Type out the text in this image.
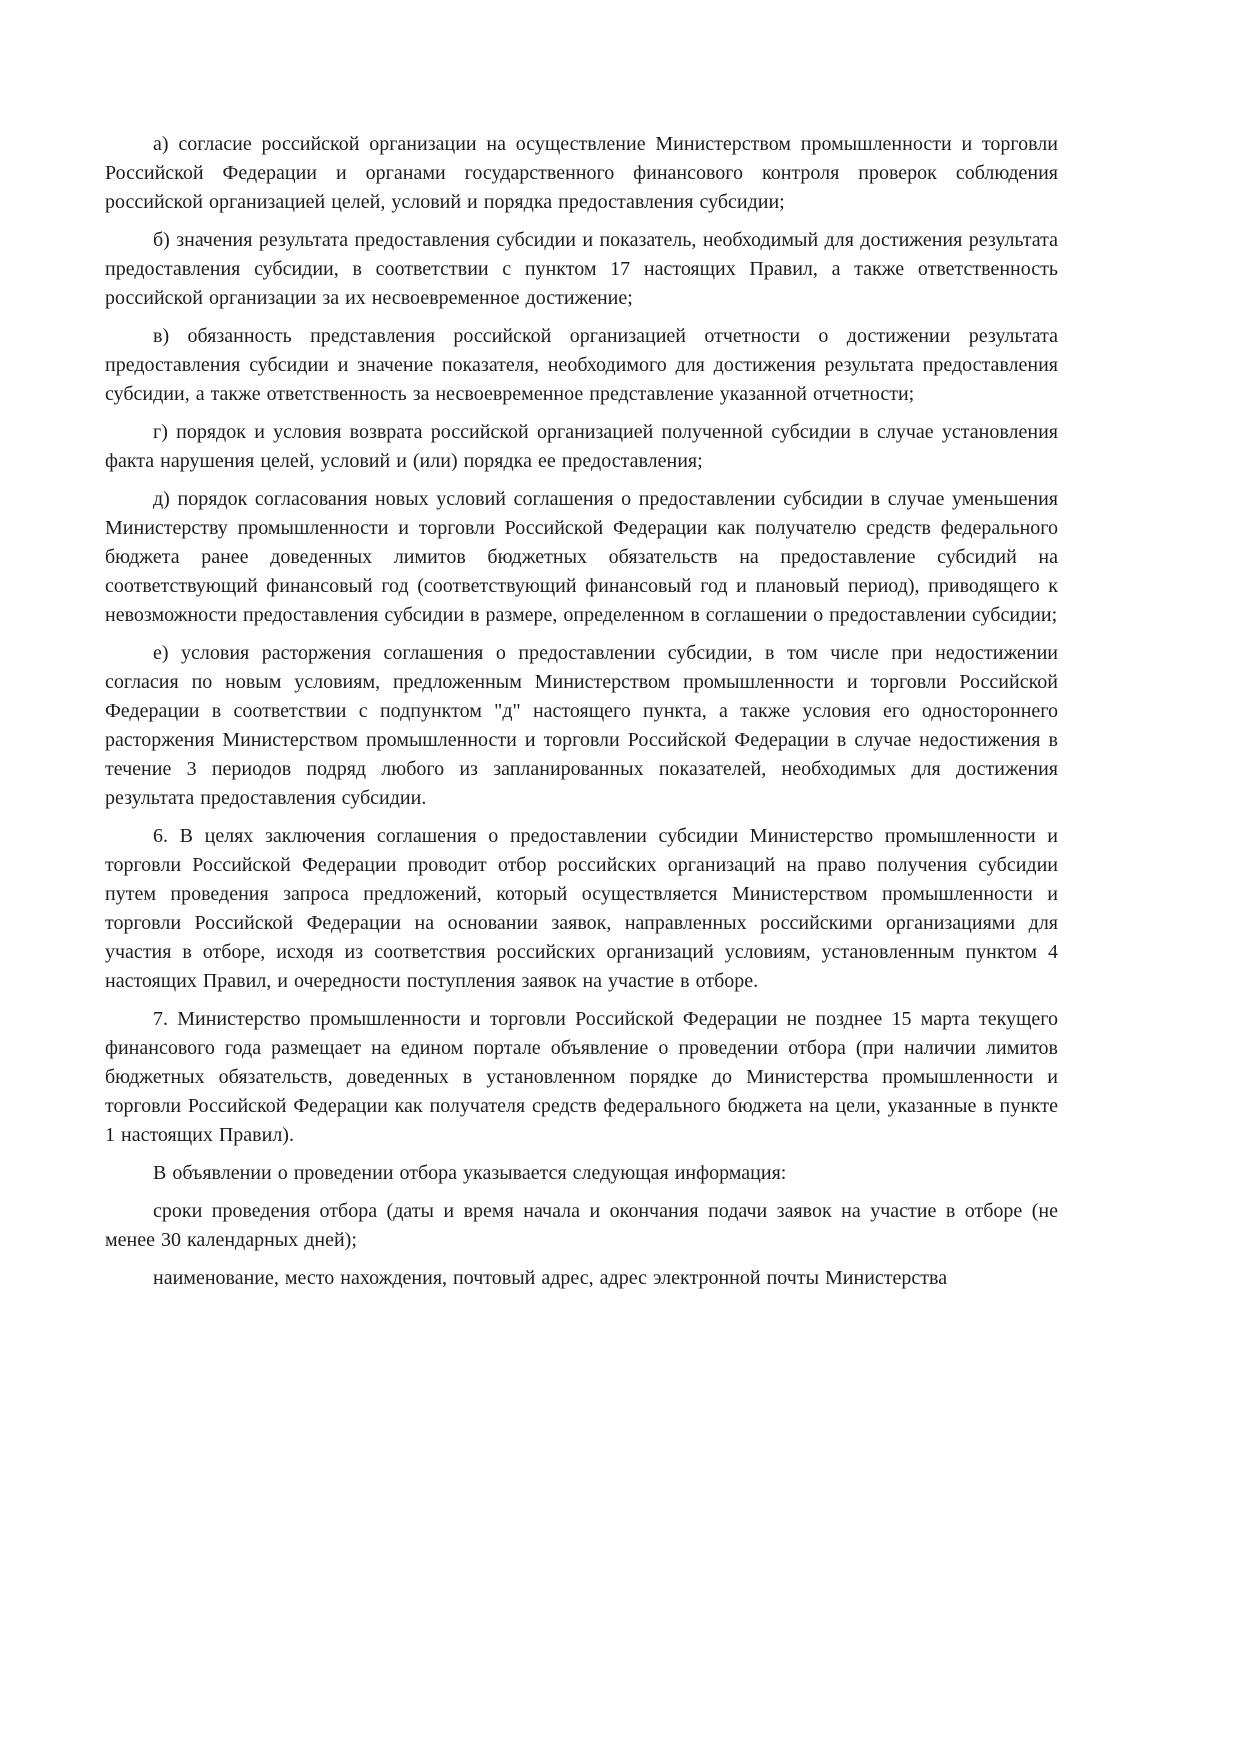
а) согласие российской организации на осуществление Министерством промышленности и торговли Российской Федерации и органами государственного финансового контроля проверок соблюдения российской организацией целей, условий и порядка предоставления субсидии;

б) значения результата предоставления субсидии и показатель, необходимый для достижения результата предоставления субсидии, в соответствии с пунктом 17 настоящих Правил, а также ответственность российской организации за их несвоевременное достижение;

в) обязанность представления российской организацией отчетности о достижении результата предоставления субсидии и значение показателя, необходимого для достижения результата предоставления субсидии, а также ответственность за несвоевременное представление указанной отчетности;

г) порядок и условия возврата российской организацией полученной субсидии в случае установления факта нарушения целей, условий и (или) порядка ее предоставления;

д) порядок согласования новых условий соглашения о предоставлении субсидии в случае уменьшения Министерству промышленности и торговли Российской Федерации как получателю средств федерального бюджета ранее доведенных лимитов бюджетных обязательств на предоставление субсидий на соответствующий финансовый год (соответствующий финансовый год и плановый период), приводящего к невозможности предоставления субсидии в размере, определенном в соглашении о предоставлении субсидии;

е) условия расторжения соглашения о предоставлении субсидии, в том числе при недостижении согласия по новым условиям, предложенным Министерством промышленности и торговли Российской Федерации в соответствии с подпунктом "д" настоящего пункта, а также условия его одностороннего расторжения Министерством промышленности и торговли Российской Федерации в случае недостижения в течение 3 периодов подряд любого из запланированных показателей, необходимых для достижения результата предоставления субсидии.

6. В целях заключения соглашения о предоставлении субсидии Министерство промышленности и торговли Российской Федерации проводит отбор российских организаций на право получения субсидии путем проведения запроса предложений, который осуществляется Министерством промышленности и торговли Российской Федерации на основании заявок, направленных российскими организациями для участия в отборе, исходя из соответствия российских организаций условиям, установленным пунктом 4 настоящих Правил, и очередности поступления заявок на участие в отборе.

7. Министерство промышленности и торговли Российской Федерации не позднее 15 марта текущего финансового года размещает на едином портале объявление о проведении отбора (при наличии лимитов бюджетных обязательств, доведенных в установленном порядке до Министерства промышленности и торговли Российской Федерации как получателя средств федерального бюджета на цели, указанные в пункте 1 настоящих Правил).

В объявлении о проведении отбора указывается следующая информация:

сроки проведения отбора (даты и время начала и окончания подачи заявок на участие в отборе (не менее 30 календарных дней);

наименование, место нахождения, почтовый адрес, адрес электронной почты Министерства
